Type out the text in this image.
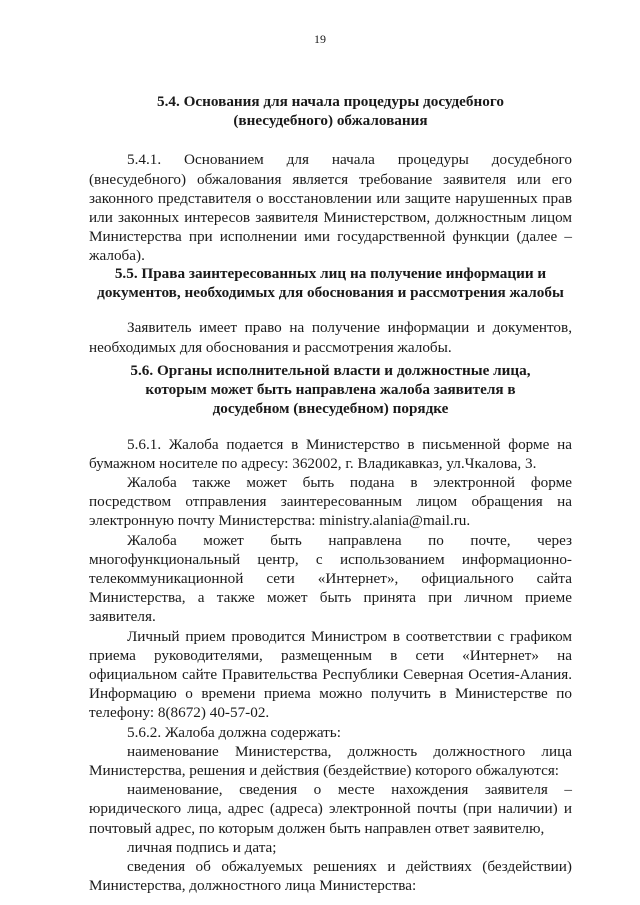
19

5.4. Основания для начала процедуры досудебного (внесудебного) обжалования

5.4.1. Основанием для начала процедуры досудебного (внесудебного) обжалования является требование заявителя или его законного представителя о восстановлении или защите нарушенных прав или законных интересов заявителя Министерством, должностным лицом Министерства при исполнении ими государственной функции (далее – жалоба).

5.5. Права заинтересованных лиц на получение информации и документов, необходимых для обоснования и рассмотрения жалобы

Заявитель имеет право на получение информации и документов, необходимых для обоснования и рассмотрения жалобы.

5.6. Органы исполнительной власти и должностные лица, которым может быть направлена жалоба заявителя в досудебном (внесудебном) порядке

5.6.1. Жалоба подается в Министерство в письменной форме на бумажном носителе по адресу: 362002, г. Владикавказ, ул.Чкалова, 3.

Жалоба также может быть подана в электронной форме посредством отправления заинтересованным лицом обращения на электронную почту Министерства: ministry.alania@mail.ru.

Жалоба может быть направлена по почте, через многофункциональный центр, с использованием информационно-телекоммуникационной сети «Интернет», официального сайта Министерства, а также может быть принята при личном приеме заявителя.

Личный прием проводится Министром в соответствии с графиком приема руководителями, размещенным в сети «Интернет» на официальном сайте Правительства Республики Северная Осетия-Алания. Информацию о времени приема можно получить в Министерстве по телефону: 8(8672) 40-57-02.

5.6.2. Жалоба должна содержать:

наименование Министерства, должность должностного лица Министерства, решения и действия (бездействие) которого обжалуются:

наименование, сведения о месте нахождения заявителя – юридического лица, адрес (адреса) электронной почты (при наличии) и почтовый адрес, по которым должен быть направлен ответ заявителю,

личная подпись и дата;

сведения об обжалуемых решениях и действиях (бездействии) Министерства, должностного лица Министерства:
